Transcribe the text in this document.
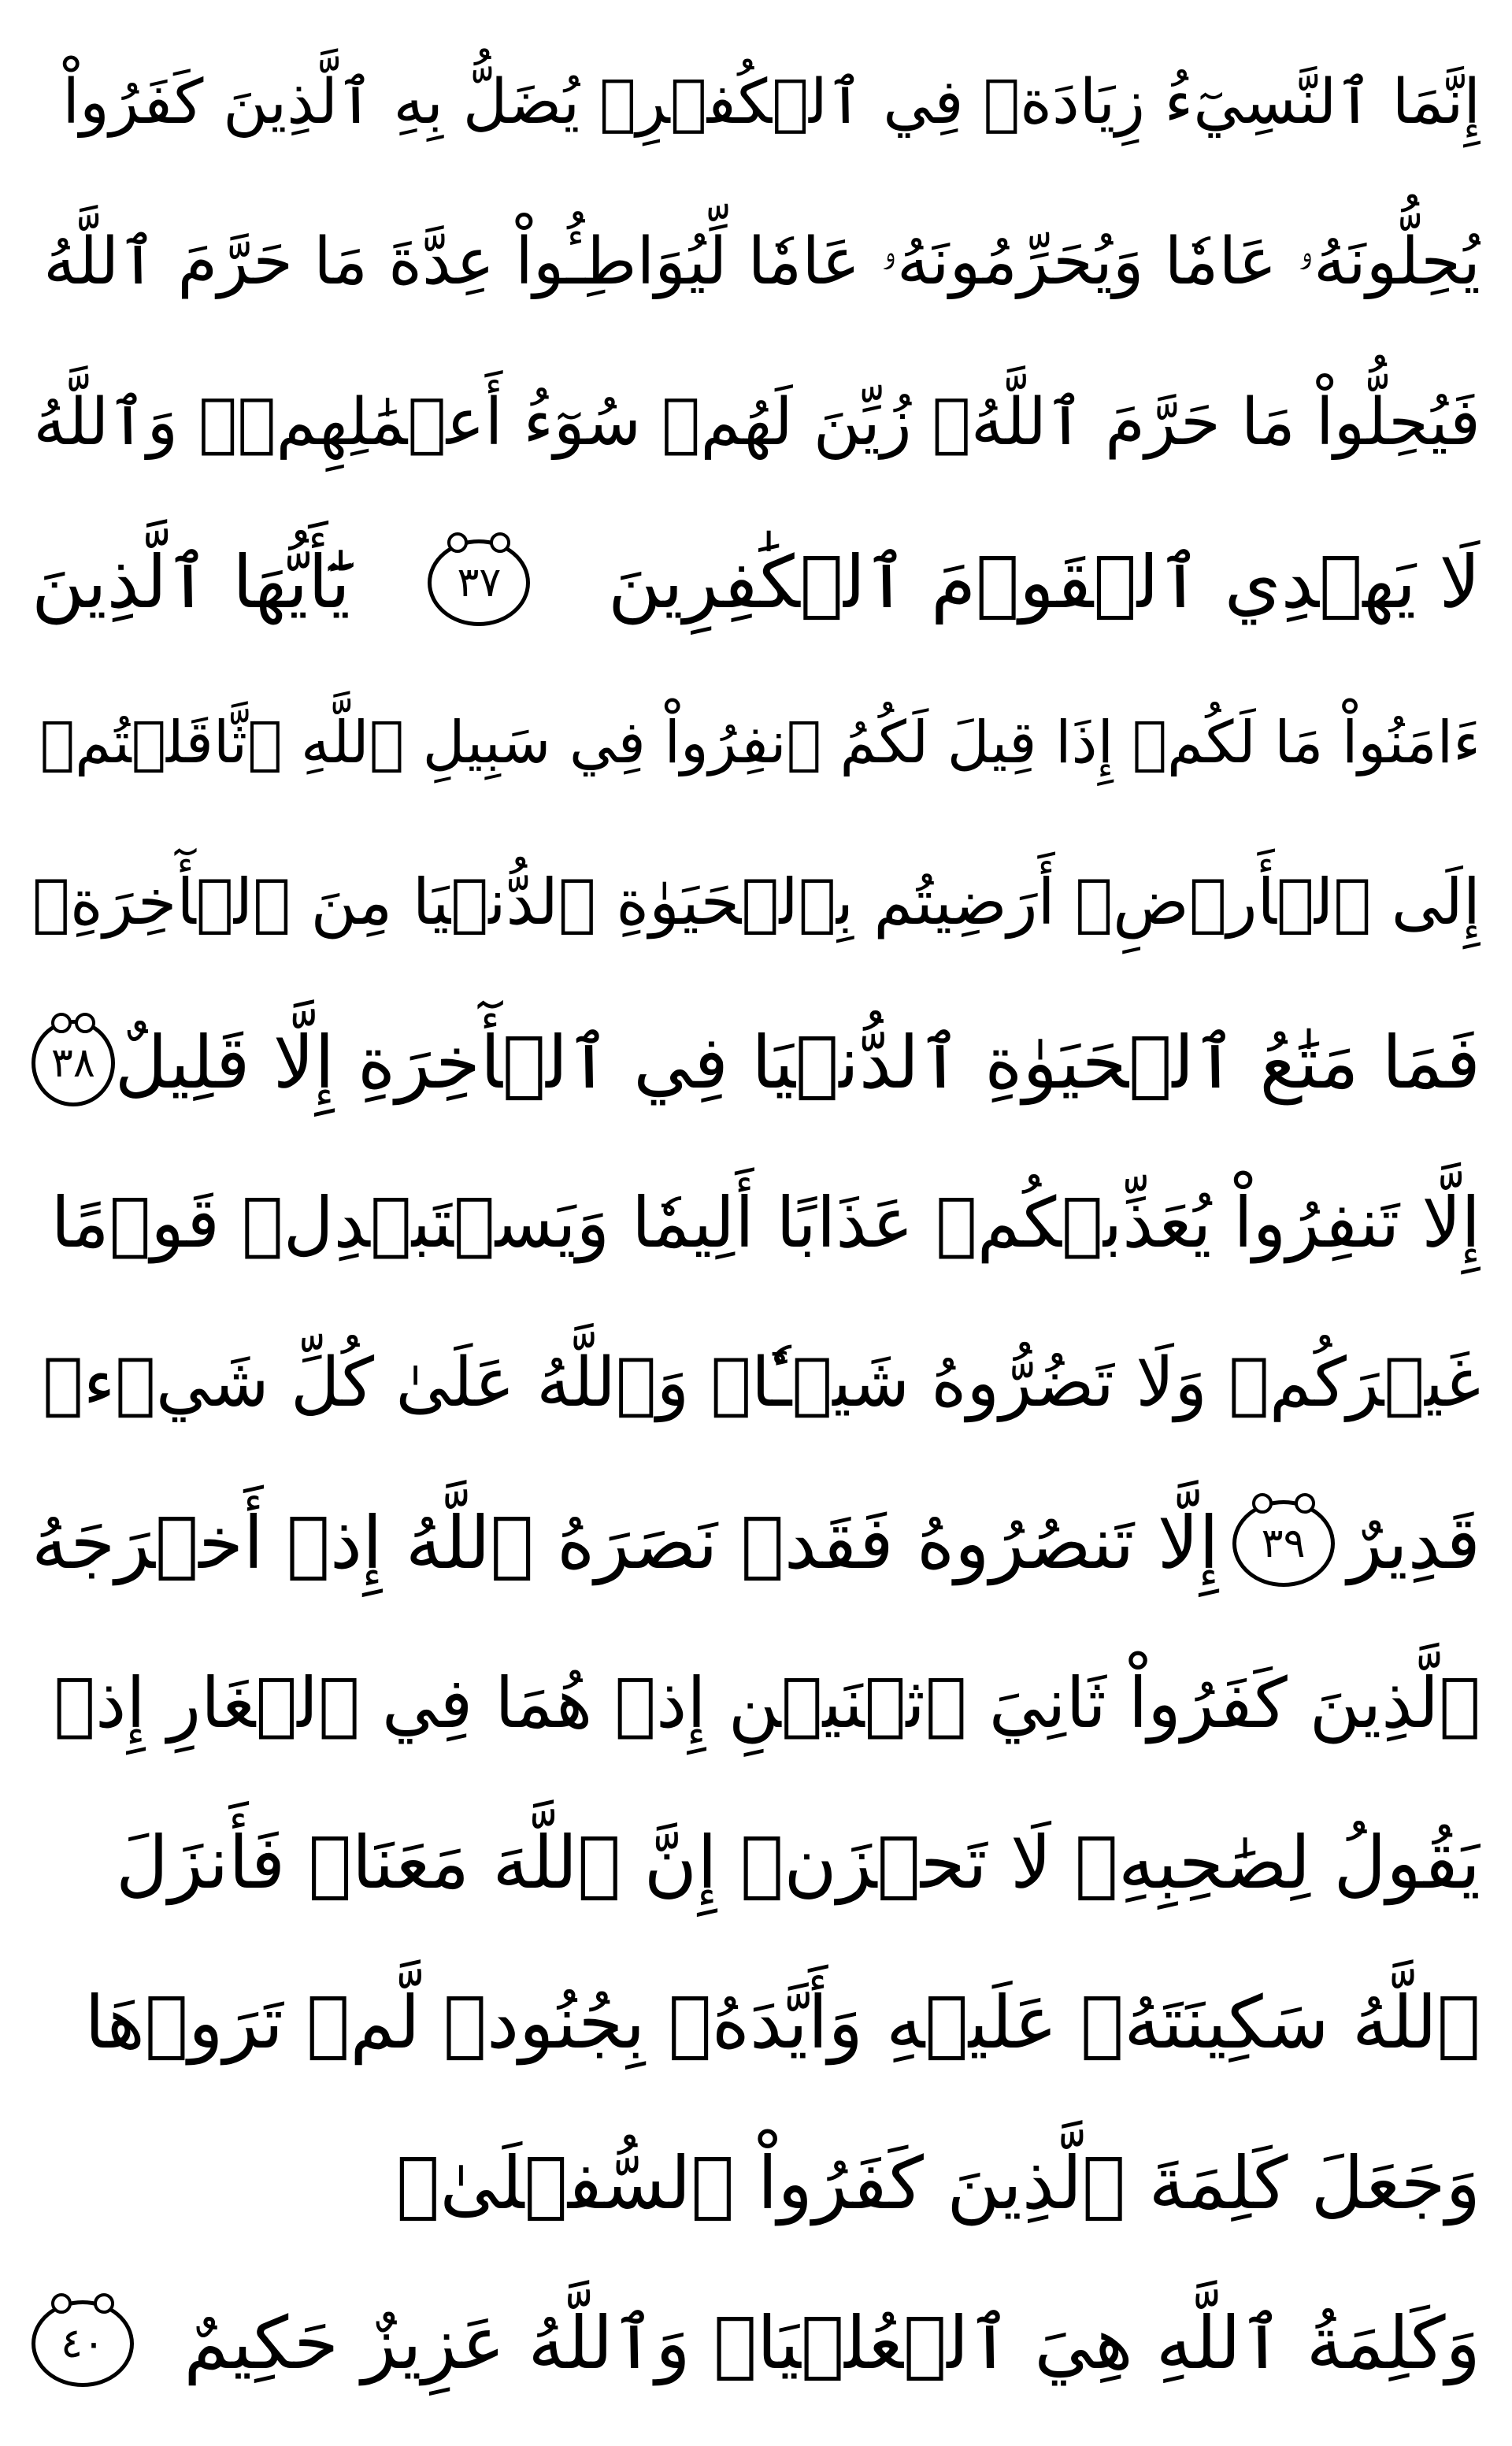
إِنَّمَا ٱلنَّسِيٓءُ زِيَادَةٞ فِي ٱلۡكُفۡرِۖ يُضَلُّ بِهِ ٱلَّذِينَ كَفَرُواْ
يُحِلُّونَهُۥ عَامٗا وَيُحَرِّمُونَهُۥ عَامٗا لِّيُوَاطِـُٔواْ عِدَّةَ مَا حَرَّمَ ٱللَّهُ
فَيُحِلُّواْ مَا حَرَّمَ ٱللَّهُۚ زُيِّنَ لَهُمۡ سُوٓءُ أَعۡمَٰلِهِمۡۗ وَٱللَّهُ
لَا يَهۡدِي ٱلۡقَوۡمَ ٱلۡكَٰفِرِينَ
٣٧
يَٰٓأَيُّهَا ٱلَّذِينَ
ءَامَنُواْ مَا لَكُمۡ إِذَا قِيلَ لَكُمُ ٱنفِرُواْ فِي سَبِيلِ ٱللَّهِ ٱثَّاقَلۡتُمۡ
إِلَى ٱلۡأَرۡضِۚ أَرَضِيتُم بِٱلۡحَيَوٰةِ ٱلدُّنۡيَا مِنَ ٱلۡأٓخِرَةِۚ
فَمَا مَتَٰعُ ٱلۡحَيَوٰةِ ٱلدُّنۡيَا فِي ٱلۡأٓخِرَةِ إِلَّا قَلِيلٌ
٣٨
إِلَّا تَنفِرُواْ يُعَذِّبۡكُمۡ عَذَابًا أَلِيمٗا وَيَسۡتَبۡدِلۡ قَوۡمًا
غَيۡرَكُمۡ وَلَا تَضُرُّوهُ شَيۡـٔٗاۗ وَٱللَّهُ عَلَىٰ كُلِّ شَيۡءٖ
قَدِيرٌ
٣٩
إِلَّا تَنصُرُوهُ فَقَدۡ نَصَرَهُ ٱللَّهُ إِذۡ أَخۡرَجَهُ
ٱلَّذِينَ كَفَرُواْ ثَانِيَ ٱثۡنَيۡنِ إِذۡ هُمَا فِي ٱلۡغَارِ إِذۡ
يَقُولُ لِصَٰحِبِهِۦ لَا تَحۡزَنۡ إِنَّ ٱللَّهَ مَعَنَاۖ فَأَنزَلَ
ٱللَّهُ سَكِينَتَهُۥ عَلَيۡهِ وَأَيَّدَهُۥ بِجُنُودٖ لَّمۡ تَرَوۡهَا
وَجَعَلَ كَلِمَةَ ٱلَّذِينَ كَفَرُواْ ٱلسُّفۡلَىٰۗ
وَكَلِمَةُ ٱللَّهِ هِيَ ٱلۡعُلۡيَاۗ وَٱللَّهُ عَزِيزٌ حَكِيمٌ
٤٠
